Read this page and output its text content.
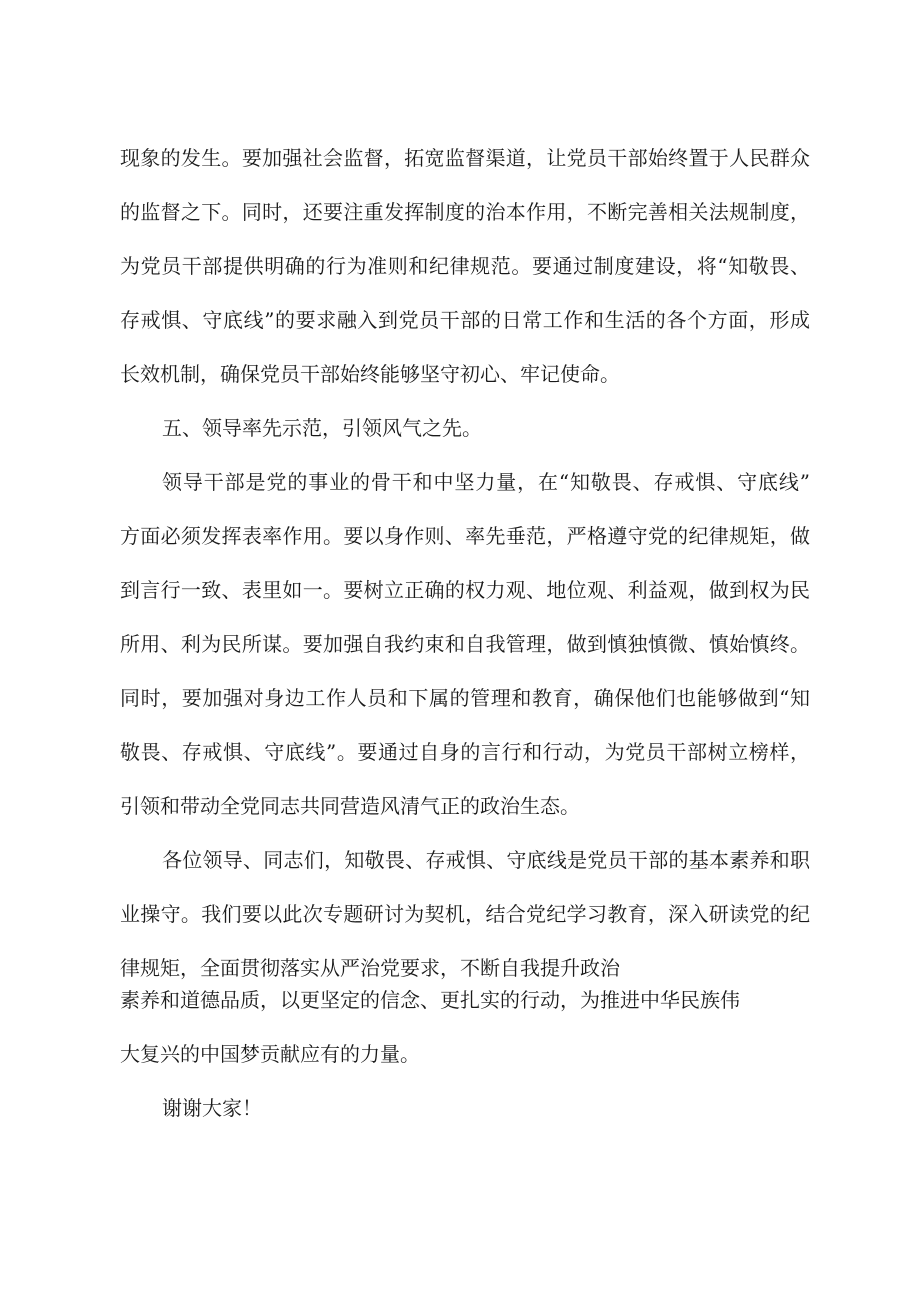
现象的发生。要加强社会监督，拓宽监督渠道，让党员干部始终置于人民群众
的监督之下。同时，还要注重发挥制度的治本作用，不断完善相关法规制度，
为党员干部提供明确的行为准则和纪律规范。要通过制度建设，将“知敬畏、
存戒惧、守底线”的要求融入到党员干部的日常工作和生活的各个方面，形成
长效机制，确保党员干部始终能够坚守初心、牢记使命。
五、领导率先示范，引领风气之先。
领导干部是党的事业的骨干和中坚力量，在“知敬畏、存戒惧、守底线”
方面必须发挥表率作用。要以身作则、率先垂范，严格遵守党的纪律规矩，做
到言行一致、表里如一。要树立正确的权力观、地位观、利益观，做到权为民
所用、利为民所谋。要加强自我约束和自我管理，做到慎独慎微、慎始慎终。
同时，要加强对身边工作人员和下属的管理和教育，确保他们也能够做到“知
敬畏、存戒惧、守底线”。要通过自身的言行和行动，为党员干部树立榜样，
引领和带动全党同志共同营造风清气正的政治生态。
各位领导、同志们，知敬畏、存戒惧、守底线是党员干部的基本素养和职
业操守。我们要以此次专题研讨为契机，结合党纪学习教育，深入研读党的纪
律规矩，全面贯彻落实从严治党要求，不断自我提升政治
素养和道德品质，以更坚定的信念、更扎实的行动，为推进中华民族伟
大复兴的中国梦贡献应有的力量。
谢谢大家！
